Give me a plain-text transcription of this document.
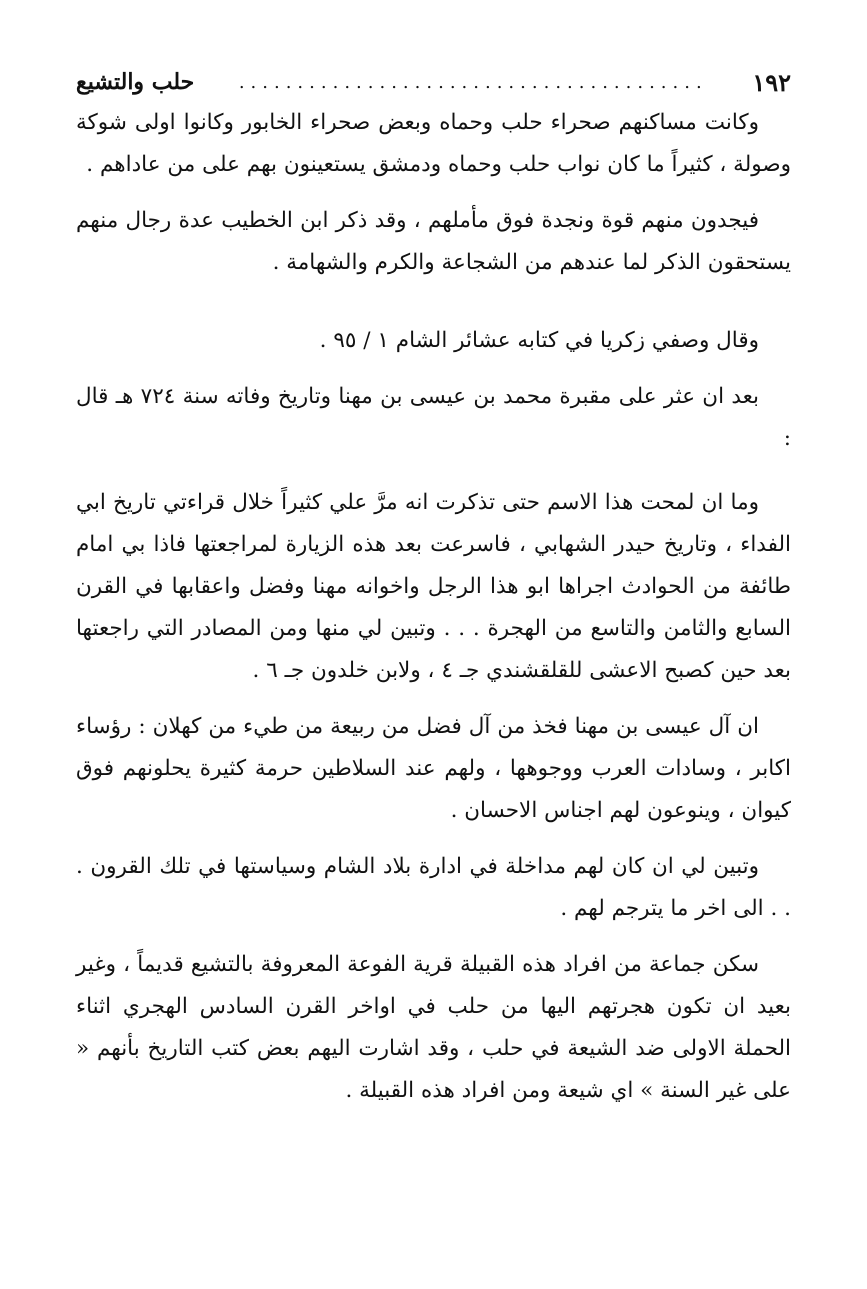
١٩٢
........................................
حلب والتشيع

وكانت مساكنهم صحراء حلب وحماه وبعض صحراء الخابور وكانوا اولى شوكة وصولة ، كثيراً ما كان نواب حلب وحماه ودمشق يستعينون بهم على من عاداهم .

فيجدون منهم قوة ونجدة فوق مأملهم ، وقد ذكر ابن الخطيب عدة رجال منهم يستحقون الذكر لما عندهم من الشجاعة والكرم والشهامة .

وقال وصفي زكريا في كتابه عشائر الشام ١ / ٩٥ .

بعد ان عثر على مقبرة محمد بن عيسى بن مهنا وتاريخ وفاته سنة ٧٢٤ هـ قال :

وما ان لمحت هذا الاسم حتى تذكرت انه مرَّ علي كثيراً خلال قراءتي تاريخ ابي الفداء ، وتاريخ حيدر الشهابي ، فاسرعت بعد هذه الزيارة لمراجعتها فاذا بي امام طائفة من الحوادث اجراها ابو هذا الرجل واخوانه مهنا وفضل واعقابها في القرن السابع والثامن والتاسع من الهجرة . . . وتبين لي منها ومن المصادر التي راجعتها بعد حين كصبح الاعشى للقلقشندي جـ ٤ ، ولابن خلدون جـ ٦ .

ان آل عيسى بن مهنا فخذ من آل فضل من ربيعة من طيء من كهلان : رؤساء اكابر ، وسادات العرب ووجوهها ، ولهم عند السلاطين حرمة كثيرة يحلونهم فوق كيوان ، وينوعون لهم اجناس الاحسان .

وتبين لي ان كان لهم مداخلة في ادارة بلاد الشام وسياستها في تلك القرون . . . الى اخر ما يترجم لهم .

سكن جماعة من افراد هذه القبيلة قرية الفوعة المعروفة بالتشيع قديماً ، وغير بعيد ان تكون هجرتهم اليها من حلب في اواخر القرن السادس الهجري اثناء الحملة الاولى ضد الشيعة في حلب ، وقد اشارت اليهم بعض كتب التاريخ بأنهم « على غير السنة » اي شيعة ومن افراد هذه القبيلة .
